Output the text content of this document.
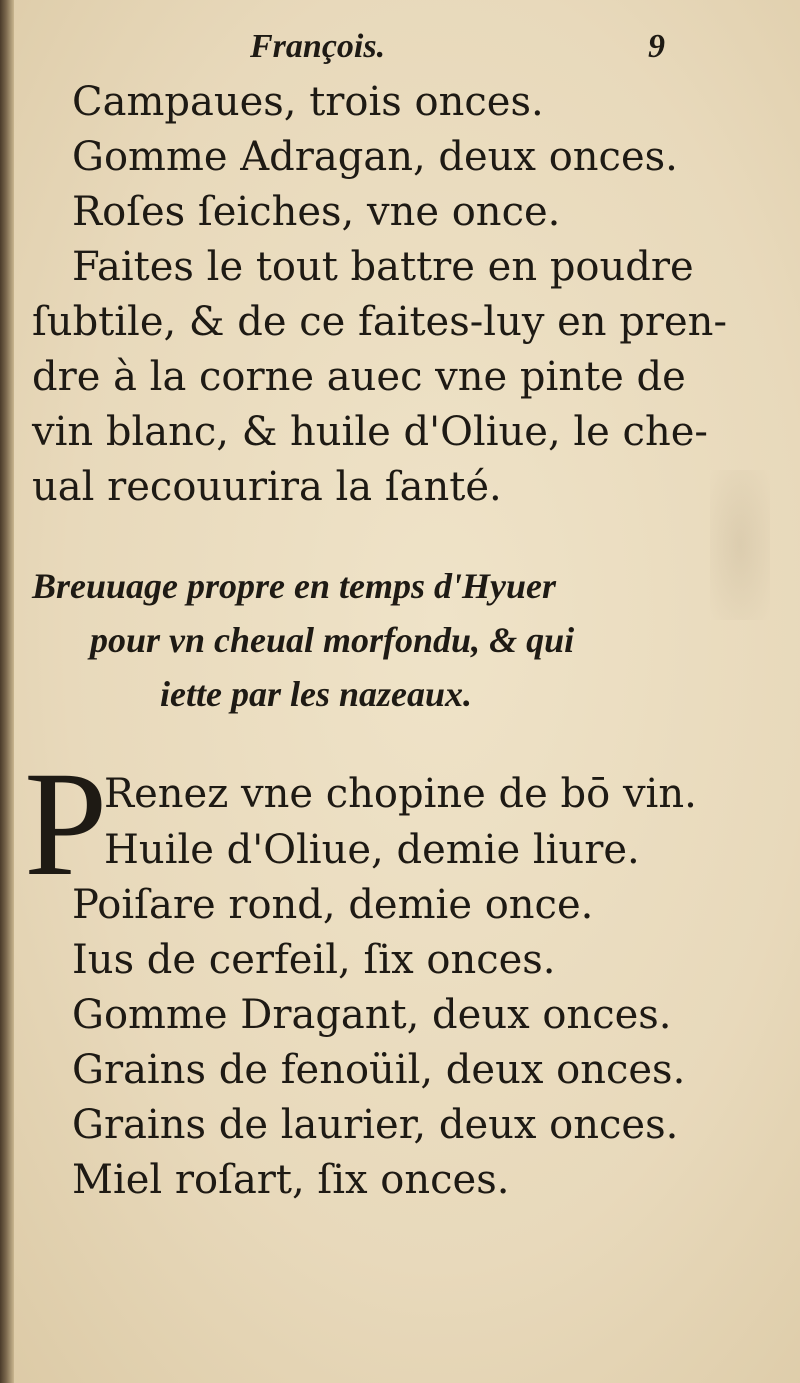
François.	9
Campaues, trois onces.
Gomme Adragan, deux onces.
Roſes ſeiches, vne once.
Faites le tout battre en poudre
ſubtile, & de ce faites-luy en pren-
dre à la corne auec vne pinte de
vin blanc, & huile d'Oliue, le che-
ual recouurira la ſanté.
Breuuage propre en temps d'Hyuer
pour vn cheual morfondu, & qui
iette par les nazeaux.
P
Renez vne chopine de bō vin.
Huile d'Oliue, demie liure.
Poiſare rond, demie once.
Ius de cerfeil, ſix onces.
Gomme Dragant, deux onces.
Grains de fenoüil, deux onces.
Grains de laurier, deux onces.
Miel roſart, ſix onces.
